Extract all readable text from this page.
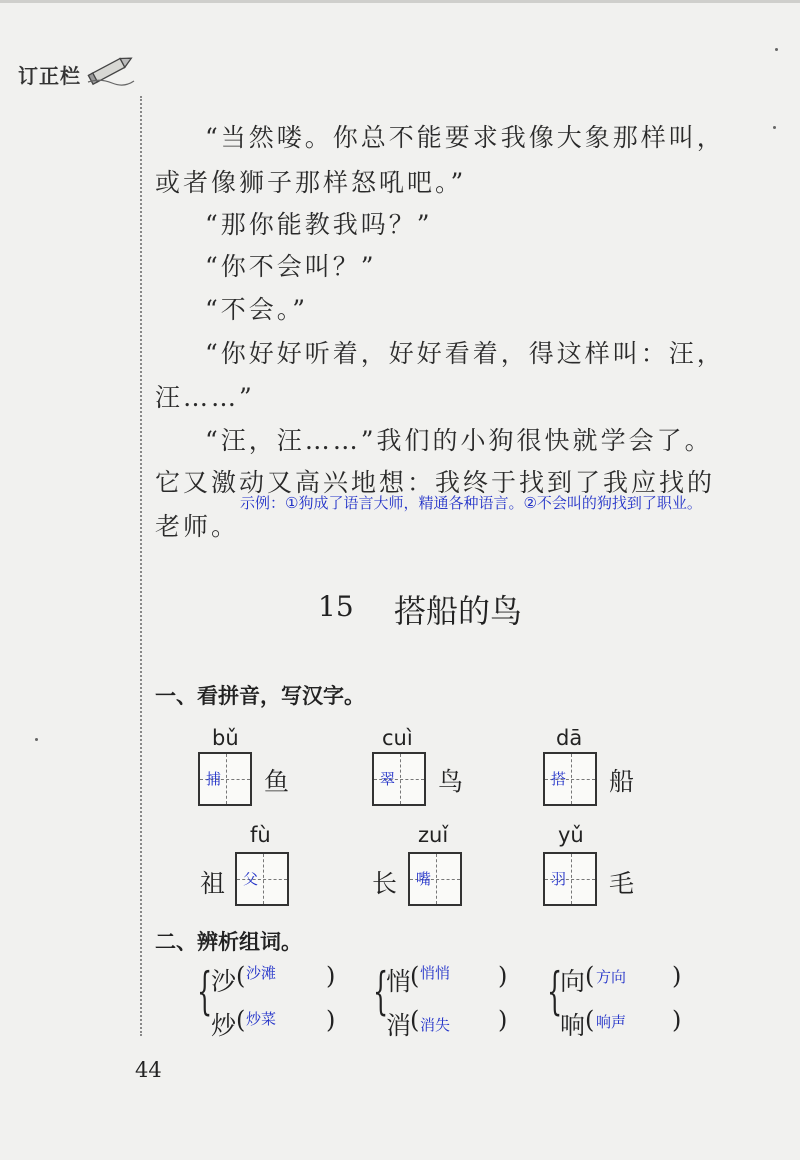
订正栏

“当然喽。你总不能要求我像大象那样叫，

或者像狮子那样怒吼吧。”

“那你能教我吗？”

“你不会叫？”

“不会。”

“你好好听着，好好看着，得这样叫：汪，

汪……”

“汪，汪……”我们的小狗很快就学会了。

它又激动又高兴地想：我终于找到了我应找的

老师。

示例：①狗成了语言大师，精通各种语言。②不会叫的狗找到了职业。
15 搭船的鸟
一、看拼音，写汉字。
bǔ
捕 鱼
cuì
翠 鸟
dā
搭 船
fù
祖 父
zuǐ
长 嘴
yǔ
羽 毛
二、辨析组词。
{
沙 ( 沙滩 )
炒 ( 炒菜 ) {
悄
( 悄悄 )
消
( 消失 ) {
向 ( 方向 )
响 ( 响声 )
44
